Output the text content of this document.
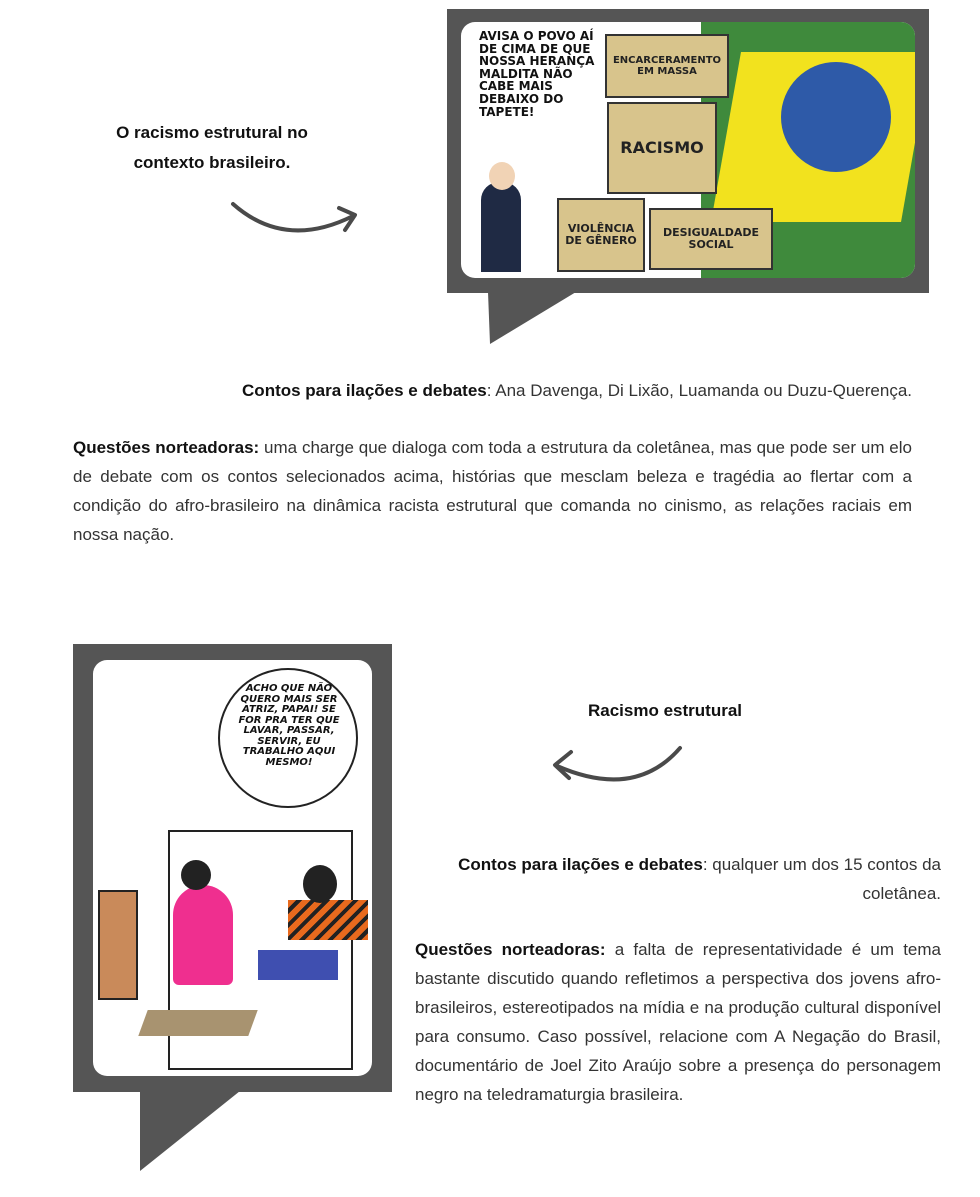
O racismo estrutural no
contexto brasileiro.
AVISA O POVO AÍ DE CIMA DE QUE NOSSA HERANÇA MALDITA NÃO CABE MAIS DEBAIXO DO TAPETE!
ENCARCERAMENTO EM MASSA
RACISMO
VIOLÊNCIA DE GÊNERO
DESIGUALDADE SOCIAL
Contos para ilações e debates: Ana Davenga, Di Lixão, Luamanda ou Duzu-Querença.
Questões norteadoras: uma charge que dialoga com toda a estrutura da coletânea, mas que pode ser um elo de debate com os contos selecionados acima, histórias que mesclam beleza e tragédia ao flertar com a condição do afro-brasileiro na dinâmica racista estrutural que comanda no cinismo, as relações raciais em nossa nação.
ACHO QUE NÃO QUERO MAIS SER ATRIZ, PAPAI! SE FOR PRA TER QUE LAVAR, PASSAR, SERVIR, EU TRABALHO AQUI MESMO!
Racismo estrutural
Contos para ilações e debates: qualquer um dos 15 contos da coletânea.
Questões norteadoras: a falta de representatividade é um tema bastante discutido quando refletimos a perspectiva dos jovens afro-brasileiros, estereotipados na mídia e na produção cultural disponível para consumo. Caso possível, relacione com A Negação do Brasil, documentário de Joel Zito Araújo sobre a presença do personagem negro na teledramaturgia brasileira.
